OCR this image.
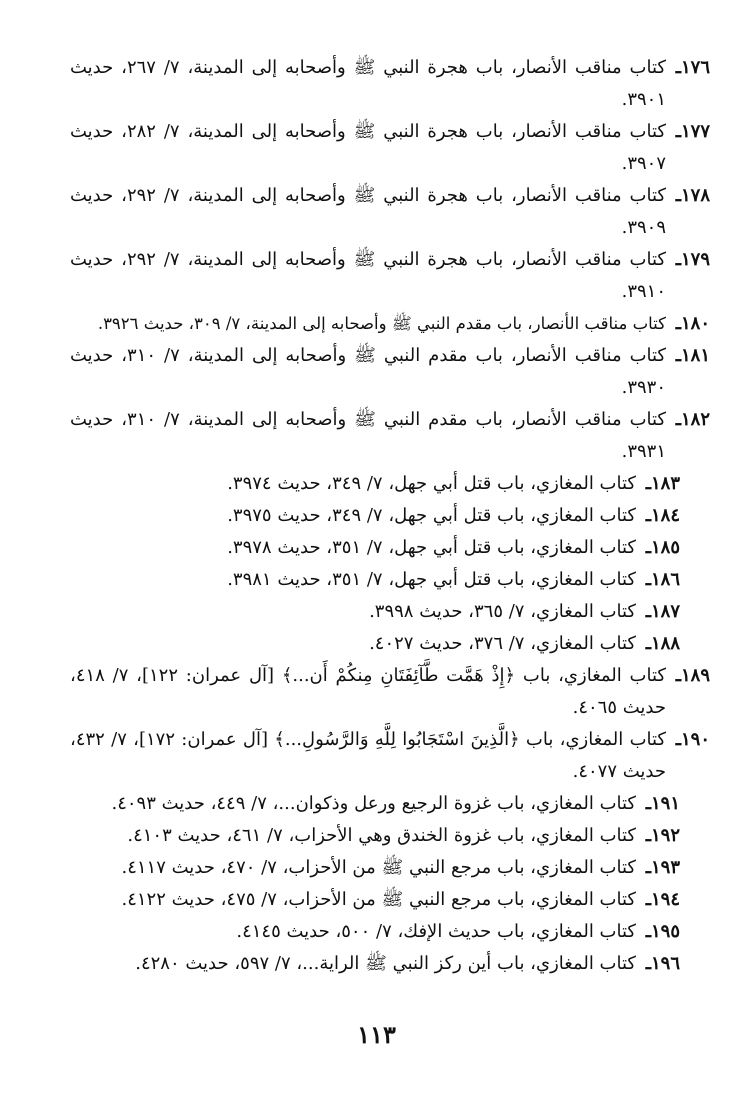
١٧٦ ـ
كتاب مناقب الأنصار، باب هجرة النبي ﷺ وأصحابه إلى المدينة، ٧/ ٢٦٧، حديث ٣٩٠١.
١٧٧ ـ
كتاب مناقب الأنصار، باب هجرة النبي ﷺ وأصحابه إلى المدينة، ٧/ ٢٨٢، حديث ٣٩٠٧.
١٧٨ ـ
كتاب مناقب الأنصار، باب هجرة النبي ﷺ وأصحابه إلى المدينة، ٧/ ٢٩٢، حديث ٣٩٠٩.
١٧٩ ـ
كتاب مناقب الأنصار، باب هجرة النبي ﷺ وأصحابه إلى المدينة، ٧/ ٢٩٢، حديث ٣٩١٠.
١٨٠ ـ
كتاب مناقب الأنصار، باب مقدم النبي ﷺ وأصحابه إلى المدينة، ٧/ ٣٠٩، حديث ٣٩٢٦.
١٨١ ـ
كتاب مناقب الأنصار، باب مقدم النبي ﷺ وأصحابه إلى المدينة، ٧/ ٣١٠، حديث ٣٩٣٠.
١٨٢ ـ
كتاب مناقب الأنصار، باب مقدم النبي ﷺ وأصحابه إلى المدينة، ٧/ ٣١٠، حديث ٣٩٣١.
١٨٣ ـ
كتاب المغازي، باب قتل أبي جهل، ٧/ ٣٤٩، حديث ٣٩٧٤.
١٨٤ ـ
كتاب المغازي، باب قتل أبي جهل، ٧/ ٣٤٩، حديث ٣٩٧٥.
١٨٥ ـ
كتاب المغازي، باب قتل أبي جهل، ٧/ ٣٥١، حديث ٣٩٧٨.
١٨٦ ـ
كتاب المغازي، باب قتل أبي جهل، ٧/ ٣٥١، حديث ٣٩٨١.
١٨٧ ـ
كتاب المغازي، ٧/ ٣٦٥، حديث ٣٩٩٨.
١٨٨ ـ
كتاب المغازي، ٧/ ٣٧٦، حديث ٤٠٢٧.
١٨٩ ـ
كتاب المغازي، باب ﴿إِذْ هَمَّت طَّآئِفَتَانِ مِنكُمْ أَن...﴾ [آل عمران: ١٢٢]، ٧/ ٤١٨، حديث ٤٠٦٥.
١٩٠ ـ
كتاب المغازي، باب ﴿الَّذِينَ اسْتَجَابُوا لِلَّهِ وَالرَّسُولِ...﴾ [آل عمران: ١٧٢]، ٧/ ٤٣٢، حديث ٤٠٧٧.
١٩١ ـ
كتاب المغازي، باب غزوة الرجيع ورعل وذكوان...، ٧/ ٤٤٩، حديث ٤٠٩٣.
١٩٢ ـ
كتاب المغازي، باب غزوة الخندق وهي الأحزاب، ٧/ ٤٦١، حديث ٤١٠٣.
١٩٣ ـ
كتاب المغازي، باب مرجع النبي ﷺ من الأحزاب، ٧/ ٤٧٠، حديث ٤١١٧.
١٩٤ ـ
كتاب المغازي، باب مرجع النبي ﷺ من الأحزاب، ٧/ ٤٧٥، حديث ٤١٢٢.
١٩٥ ـ
كتاب المغازي، باب حديث الإفك، ٧/ ٥٠٠، حديث ٤١٤٥.
١٩٦ ـ
كتاب المغازي، باب أين ركز النبي ﷺ الراية...، ٧/ ٥٩٧، حديث ٤٢٨٠.
١١٣
